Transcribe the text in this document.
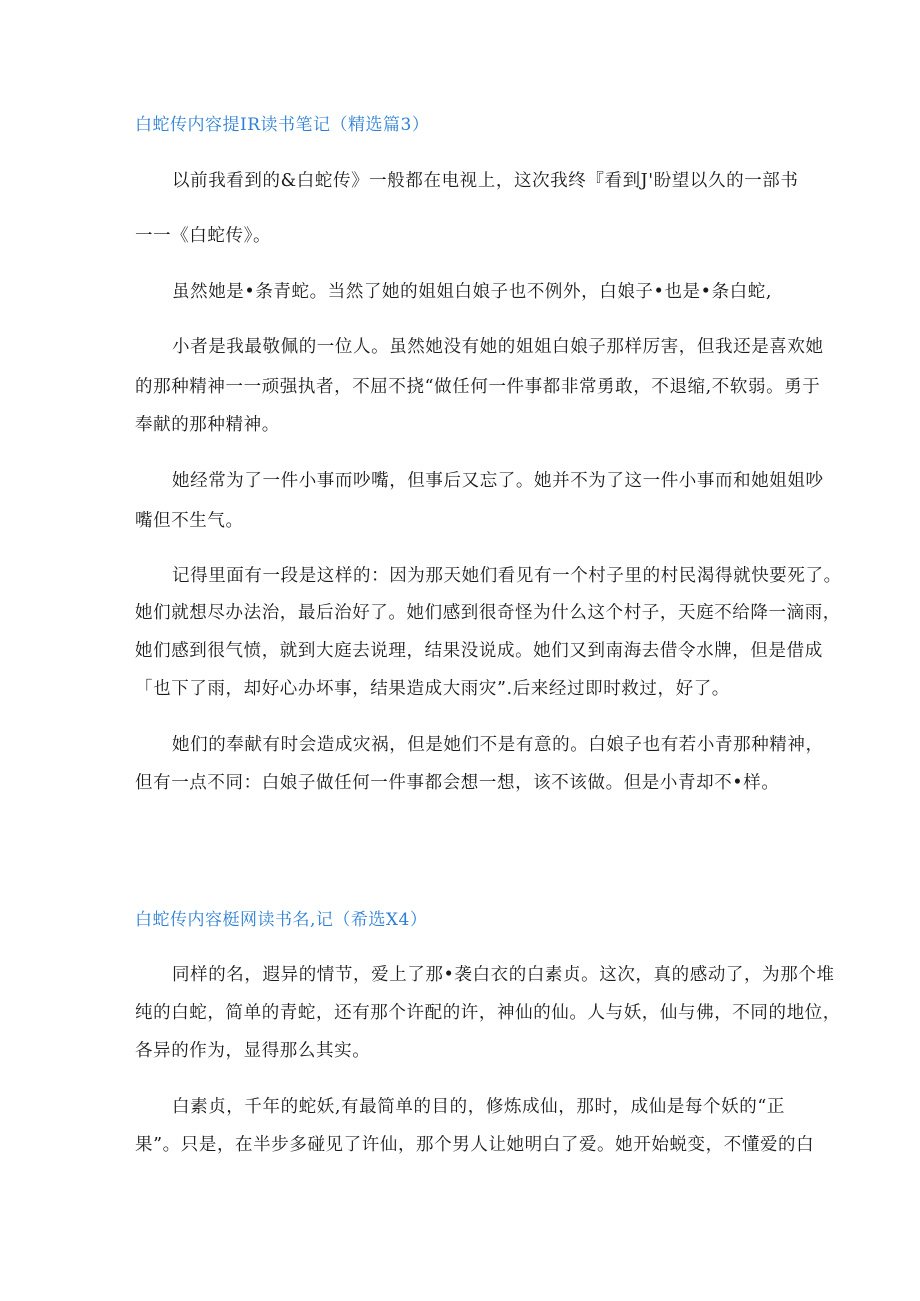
白蛇传内容提IR读书笔记（精选篇3）
以前我看到的&白蛇传》一般都在电视上，这次我终『看到J'盼望以久的一部书
一一《白蛇传》。
虽然她是•条青蛇。当然了她的姐姐白娘子也不例外，白娘子•也是•条白蛇,
小者是我最敬佩的一位人。虽然她没有她的姐姐白娘子那样厉害，但我还是喜欢她
的那种精神一一顽强执者，不屈不挠“做任何一件事都非常勇敢，不退缩,不软弱。勇于
奉献的那种精神。
她经常为了一件小事而吵嘴，但事后又忘了。她并不为了这一件小事而和她姐姐吵
嘴但不生气。
记得里面有一段是这样的：因为那天她们看见有一个村子里的村民渴得就快要死了。
她们就想尽办法治，最后治好了。她们感到很奇怪为什么这个村子，天庭不给降一滴雨，
她们感到很气愤，就到大庭去说理，结果没说成。她们又到南海去借令水牌，但是借成
「也下了雨，却好心办坏事，结果造成大雨灾”.后来经过即时救过，好了。
她们的奉献有时会造成灾祸，但是她们不是有意的。白娘子也有若小青那种精神，
但有一点不同：白娘子做任何一件事都会想一想，该不该做。但是小青却不•样。
白蛇传内容梃网读书名,记（希选X4）
同样的名，遐异的情节，爱上了那•袭白衣的白素贞。这次，真的感动了，为那个堆
纯的白蛇，简单的青蛇，还有那个许配的许，神仙的仙。人与妖，仙与佛，不同的地位，
各异的作为，显得那么其实。
白素贞，千年的蛇妖,有最简单的目的，修炼成仙，那时，成仙是每个妖的“正
果”。只是，在半步多碰见了许仙，那个男人让她明白了爱。她开始蜕变，不懂爱的白
